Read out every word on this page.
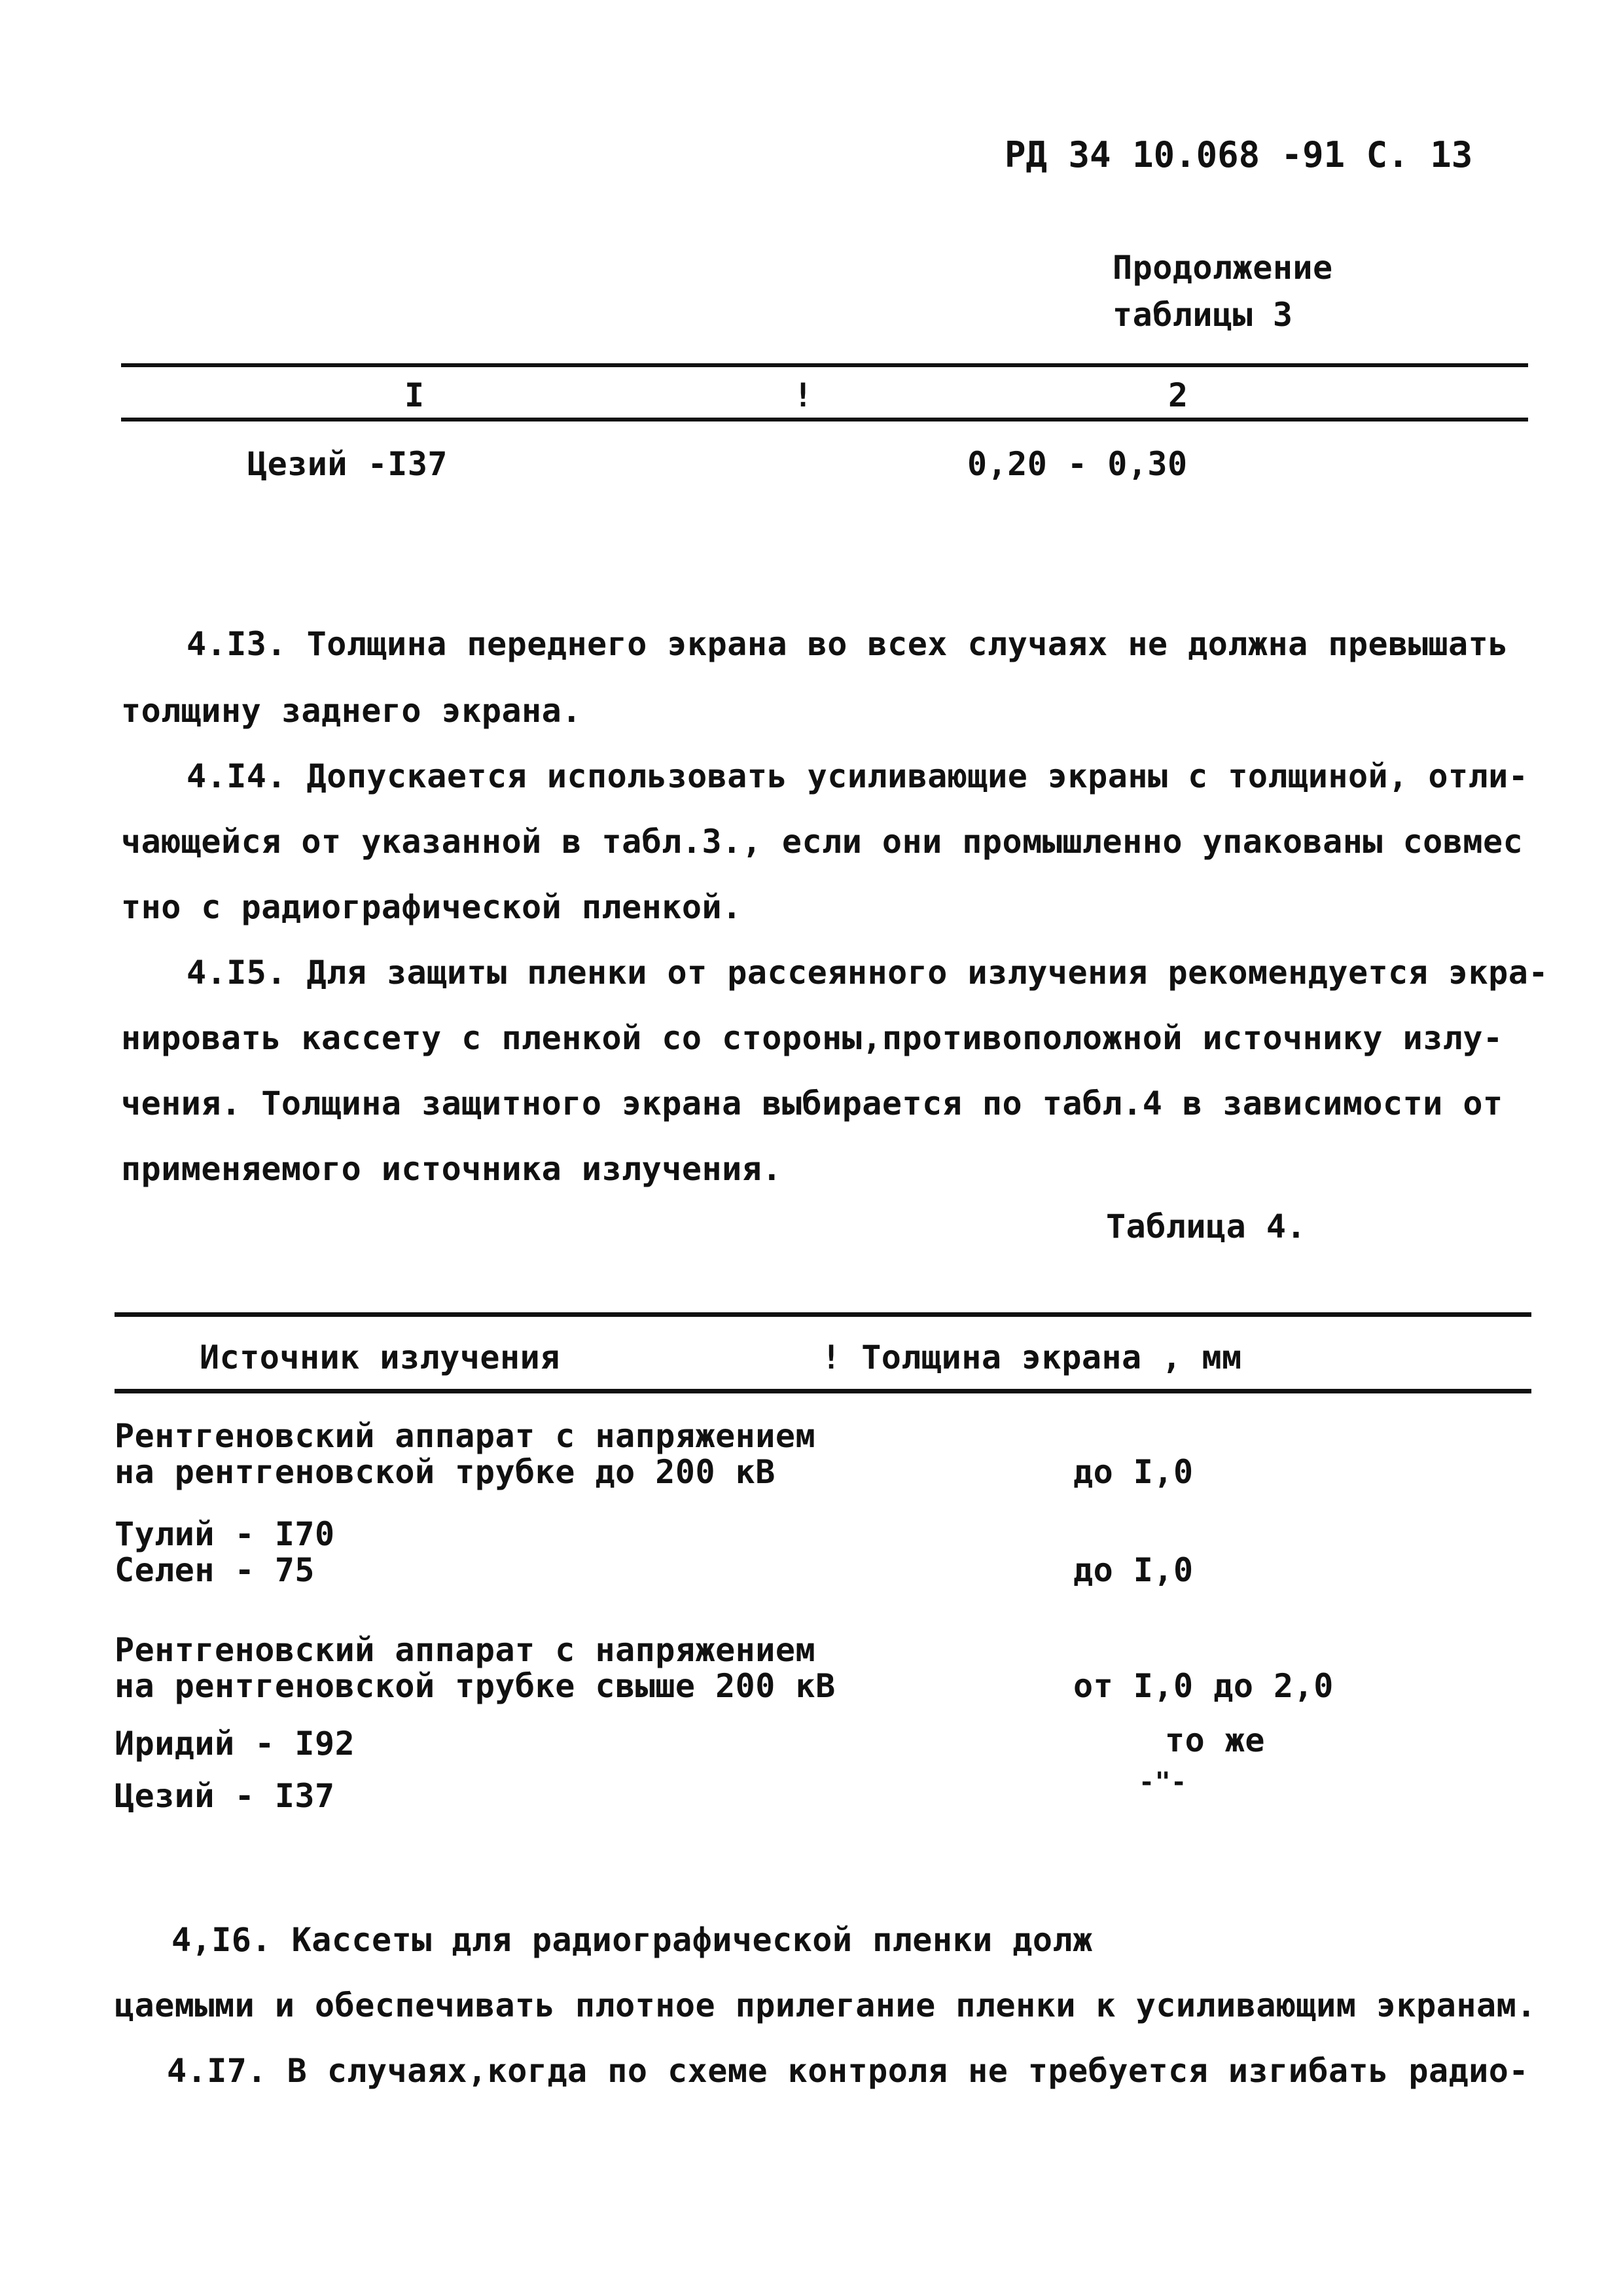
РД 34 10.068 -91 С. 13
Продолжение
таблицы 3
I	!	2
Цезий -I37	0,20 - 0,30
4.I3. Толщина переднего экрана во всех случаях не должна превышать
толщину заднего экрана.
4.I4. Допускается использовать усиливающие экраны с толщиной, отли-
чающейся от указанной в табл.3., если они промышленно упакованы совмес
тно с радиографической пленкой.
4.I5. Для защиты пленки от рассеянного излучения рекомендуется экра-
нировать кассету с пленкой со стороны,противоположной источнику излу-
чения. Толщина защитного экрана выбирается по табл.4 в зависимости от
применяемого источника излучения.
Таблица 4.
Источник излучения	! Толщина экрана , мм
Рентгеновский аппарат с напряжением
на рентгеновской трубке до 200 кВ	до I,0
Тулий - I70
Селен - 75	до I,0
Рентгеновский аппарат с напряжением
на рентгеновской трубке свыше 200 кВ	от I,0 до 2,0
Иридий - I92	то же
Цезий - I37	-"-
4,I6. Кассеты для радиографической пленки долж
цаемыми и обеспечивать плотное прилегание пленки к усиливающим экранам.
4.I7. В случаях,когда по схеме контроля не требуется изгибать радио-
